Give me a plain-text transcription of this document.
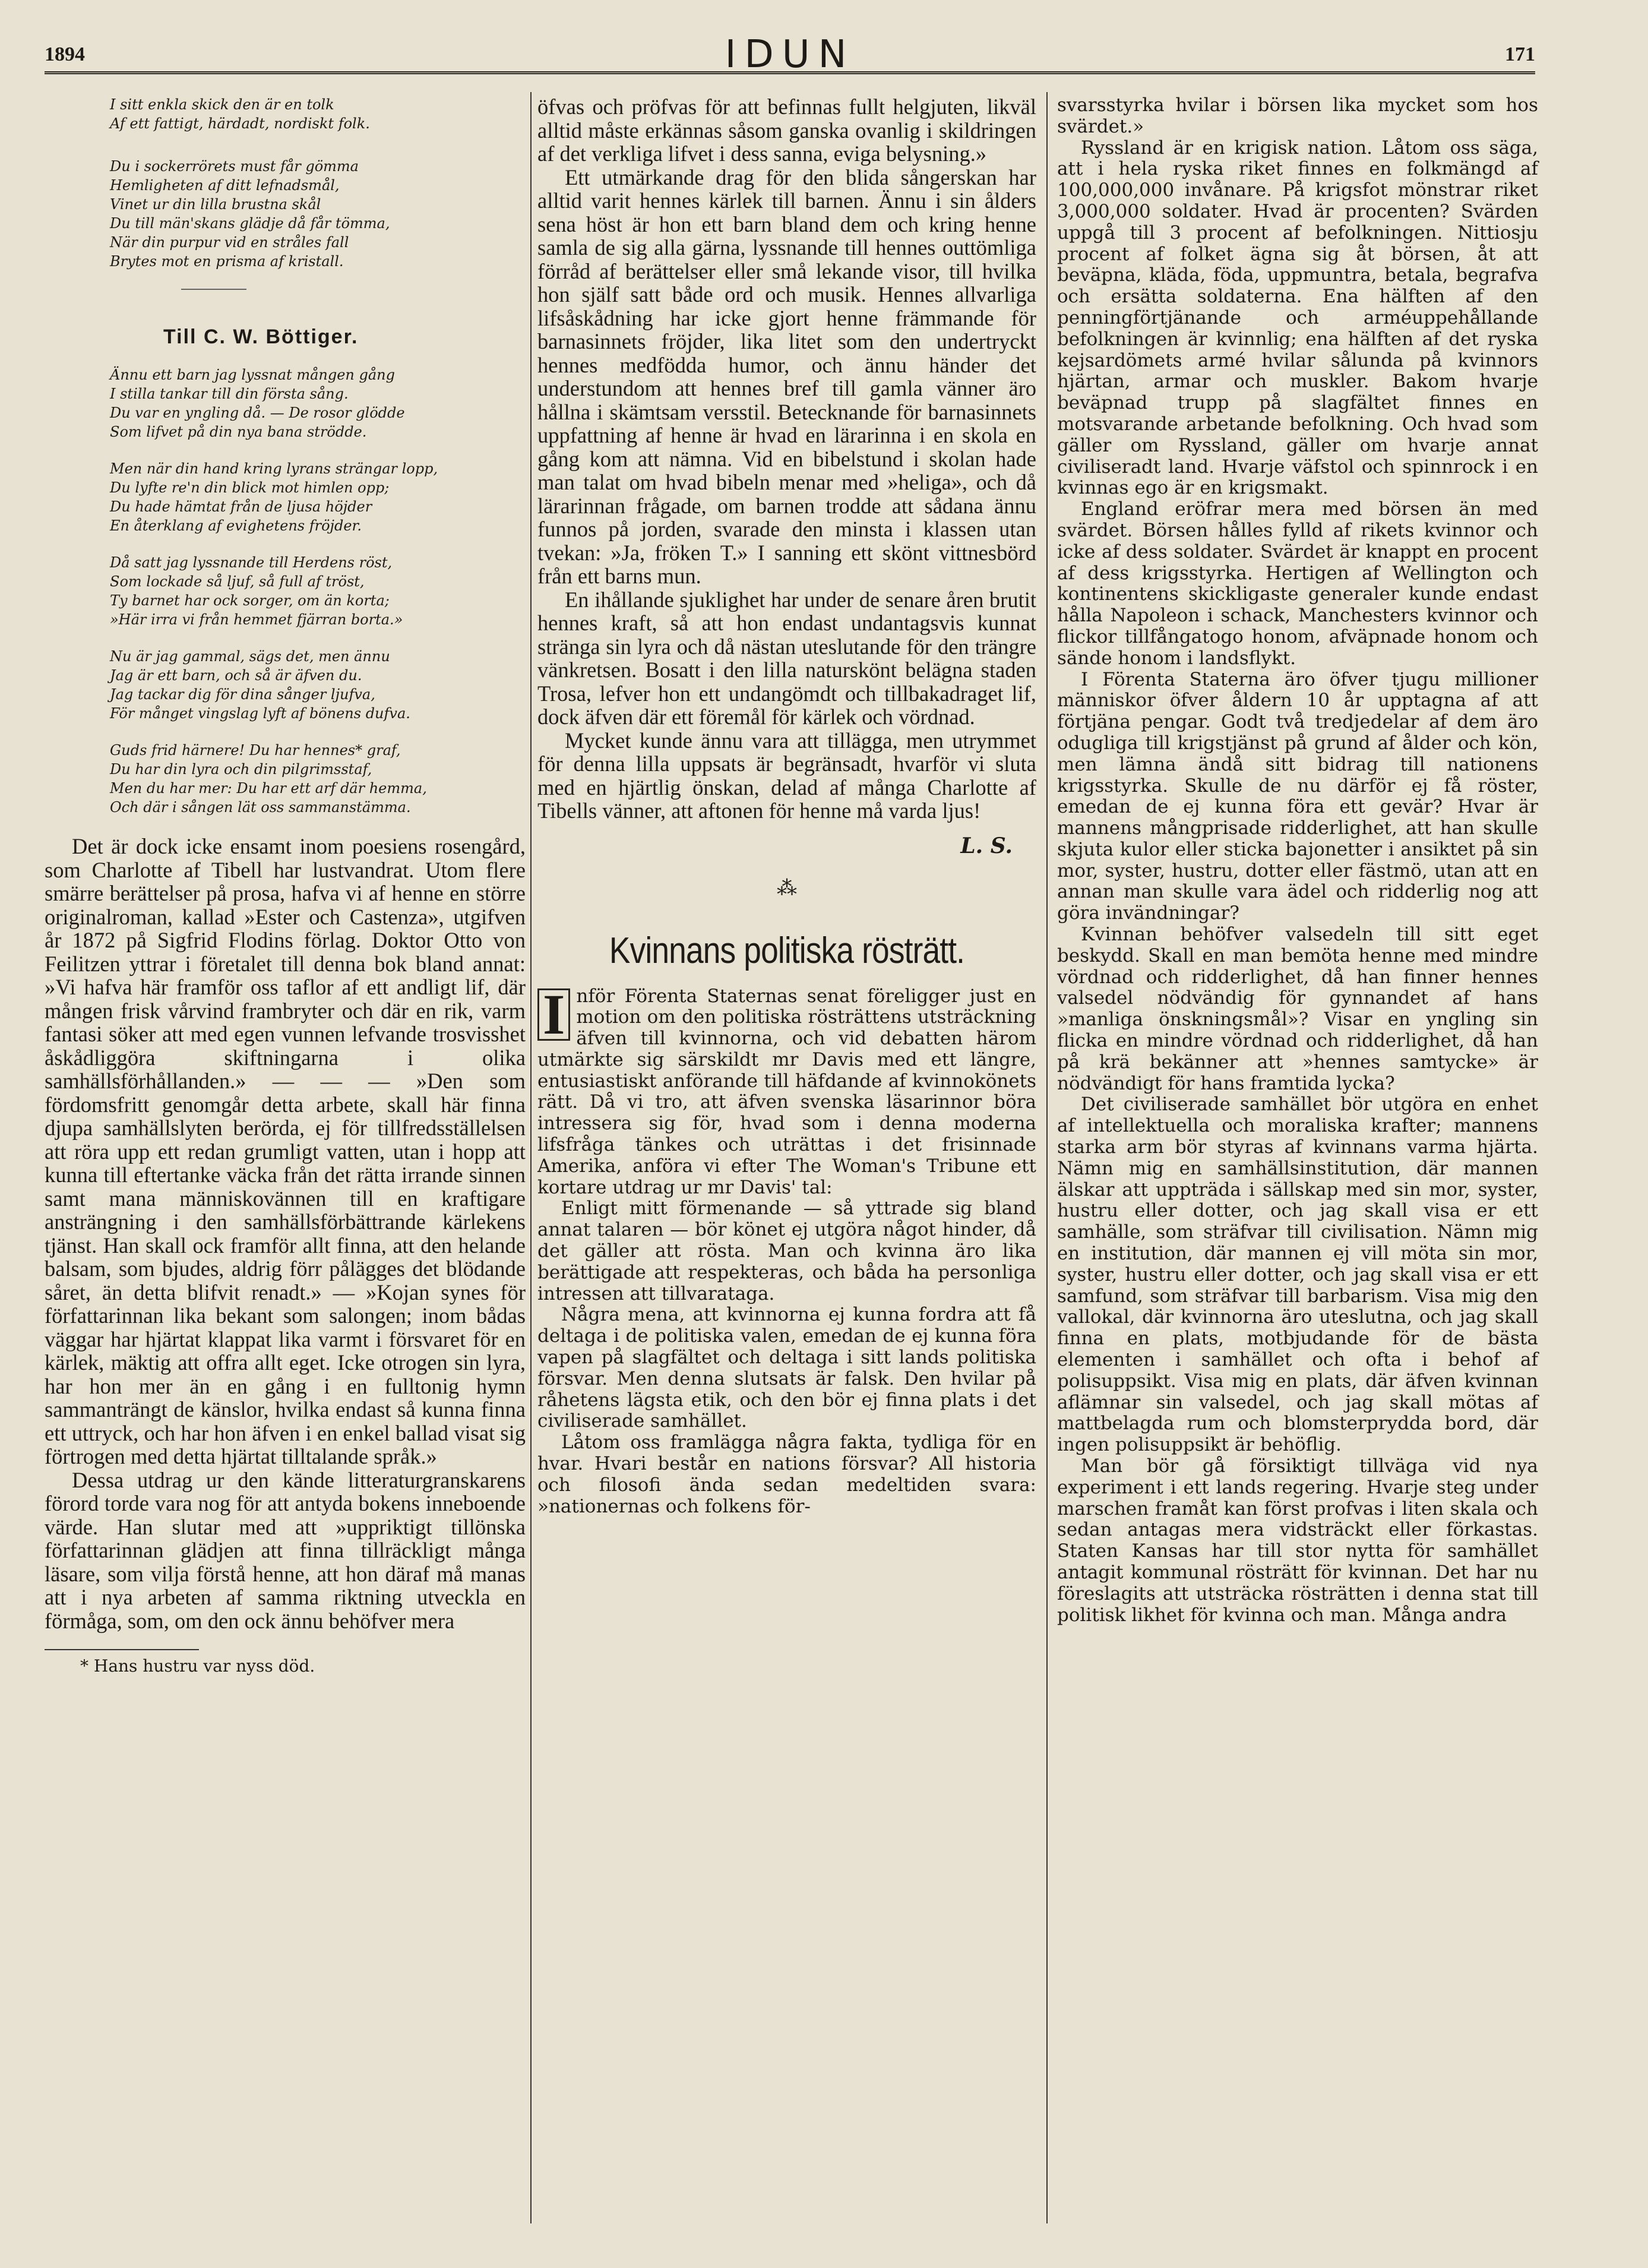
1894	IDUN	171
I sitt enkla skick den är en tolk
Af ett fattigt, härdadt, nordiskt folk.
Du i sockerrörets must får gömma
Hemligheten af ditt lefnadsmål,
Vinet ur din lilla brustna skål
Du till män'skans glädje då får tömma,
När din purpur vid en stråles fall
Brytes mot en prisma af kristall.
Till C. W. Böttiger.
Ännu ett barn jag lyssnat mången gång
I stilla tankar till din första sång.
Du var en yngling då. — De rosor glödde
Som lifvet på din nya bana strödde.
Men när din hand kring lyrans strängar lopp,
Du lyfte re'n din blick mot himlen opp;
Du hade hämtat från de ljusa höjder
En återklang af evighetens fröjder.
Då satt jag lyssnande till Herdens röst,
Som lockade så ljuf, så full af tröst,
Ty barnet har ock sorger, om än korta;
»Här irra vi från hemmet fjärran borta.»
Nu är jag gammal, sägs det, men ännu
Jag är ett barn, och så är äfven du.
Jag tackar dig för dina sånger ljufva,
För månget vingslag lyft af bönens dufva.
Guds frid härnere! Du har hennes* graf,
Du har din lyra och din pilgrimsstaf,
Men du har mer: Du har ett arf där hemma,
Och där i sången lät oss sammanstämma.

Det är dock icke ensamt inom poesiens rosengård, som Charlotte af Tibell har lustvandrat. Utom flere smärre berättelser på prosa, hafva vi af henne en större originalroman, kallad »Ester och Castenza», utgifven år 1872 på Sigfrid Flodins förlag. Doktor Otto von Feilitzen yttrar i företalet till denna bok bland annat: »Vi hafva här framför oss taflor af ett andligt lif, där mången frisk vårvind frambryter och där en rik, varm fantasi söker att med egen vunnen lefvande trosvisshet åskådliggöra skiftningarna i olika samhällsförhållanden.» — — — »Den som fördomsfritt genomgår detta arbete, skall här finna djupa samhällslyten berörda, ej för tillfredsställelsen att röra upp ett redan grumligt vatten, utan i hopp att kunna till eftertanke väcka från det rätta irrande sinnen samt mana människovännen till en kraftigare ansträngning i den samhällsförbättrande kärlekens tjänst. Han skall ock framför allt finna, att den helande balsam, som bjudes, aldrig förr pålägges det blödande såret, än detta blifvit renadt.» — »Kojan synes för författarinnan lika bekant som salongen; inom bådas väggar har hjärtat klappat lika varmt i försvaret för en kärlek, mäktig att offra allt eget. Icke otrogen sin lyra, har hon mer än en gång i en fulltonig hymn sammanträngt de känslor, hvilka endast så kunna finna ett uttryck, och har hon äfven i en enkel ballad visat sig förtrogen med detta hjärtat tilltalande språk.»

Dessa utdrag ur den kände litteraturgranskarens förord torde vara nog för att antyda bokens inneboende värde. Han slutar med att »uppriktigt tillönska författarinnan glädjen att finna tillräckligt många läsare, som vilja förstå henne, att hon däraf må manas att i nya arbeten af samma riktning utveckla en förmåga, som, om den ock ännu behöfver mera

* Hans hustru var nyss död.

öfvas och pröfvas för att befinnas fullt helgjuten, likväl alltid måste erkännas såsom ganska ovanlig i skildringen af det verkliga lifvet i dess sanna, eviga belysning.»

Ett utmärkande drag för den blida sångerskan har alltid varit hennes kärlek till barnen. Ännu i sin ålders sena höst är hon ett barn bland dem och kring henne samla de sig alla gärna, lyssnande till hennes outtömliga förråd af berättelser eller små lekande visor, till hvilka hon själf satt både ord och musik. Hennes allvarliga lifsåskådning har icke gjort henne främmande för barnasinnets fröjder, lika litet som den undertryckt hennes medfödda humor, och ännu händer det understundom att hennes bref till gamla vänner äro hållna i skämtsam versstil. Betecknande för barnasinnets uppfattning af henne är hvad en lärarinna i en skola en gång kom att nämna. Vid en bibelstund i skolan hade man talat om hvad bibeln menar med »heliga», och då lärarinnan frågade, om barnen trodde att sådana ännu funnos på jorden, svarade den minsta i klassen utan tvekan: »Ja, fröken T.» I sanning ett skönt vittnesbörd från ett barns mun.

En ihållande sjuklighet har under de senare åren brutit hennes kraft, så att hon endast undantagsvis kunnat stränga sin lyra och då nästan uteslutande för den trängre vänkretsen. Bosatt i den lilla naturskönt belägna staden Trosa, lefver hon ett undangömdt och tillbakadraget lif, dock äfven där ett föremål för kärlek och vördnad.

Mycket kunde ännu vara att tillägga, men utrymmet för denna lilla uppsats är begränsadt, hvarför vi sluta med en hjärtlig önskan, delad af många Charlotte af Tibells vänner, att aftonen för henne må varda ljus!

L. S.
⁂
Kvinnans politiska rösträtt.

I nför Förenta Staternas senat föreligger just en motion om den politiska rösträttens utsträckning äfven till kvinnorna, och vid debatten härom utmärkte sig särskildt mr Davis med ett längre, entusiastiskt anförande till häfdande af kvinnokönets rätt. Då vi tro, att äfven svenska läsarinnor böra intressera sig för, hvad som i denna moderna lifsfråga tänkes och uträttas i det frisinnade Amerika, anföra vi efter The Woman's Tribune ett kortare utdrag ur mr Davis' tal:

Enligt mitt förmenande — så yttrade sig bland annat talaren — bör könet ej utgöra något hinder, då det gäller att rösta. Man och kvinna äro lika berättigade att respekteras, och båda ha personliga intressen att tillvarataga.

Några mena, att kvinnorna ej kunna fordra att få deltaga i de politiska valen, emedan de ej kunna föra vapen på slagfältet och deltaga i sitt lands politiska försvar. Men denna slutsats är falsk. Den hvilar på råhetens lägsta etik, och den bör ej finna plats i det civiliserade samhället.

Låtom oss framlägga några fakta, tydliga för en hvar. Hvari består en nations försvar? All historia och filosofi ända sedan medeltiden svara: »nationernas och folkens för-

svarsstyrka hvilar i börsen lika mycket som hos svärdet.»

Ryssland är en krigisk nation. Låtom oss säga, att i hela ryska riket finnes en folkmängd af 100,000,000 invånare. På krigsfot mönstrar riket 3,000,000 soldater. Hvad är procenten? Svärden uppgå till 3 procent af befolkningen. Nittiosju procent af folket ägna sig åt börsen, åt att beväpna, kläda, föda, uppmuntra, betala, begrafva och ersätta soldaterna. Ena hälften af den penningförtjänande och arméuppehållande befolkningen är kvinnlig; ena hälften af det ryska kejsardömets armé hvilar sålunda på kvinnors hjärtan, armar och muskler. Bakom hvarje beväpnad trupp på slagfältet finnes en motsvarande arbetande befolkning. Och hvad som gäller om Ryssland, gäller om hvarje annat civiliseradt land. Hvarje väfstol och spinnrock i en kvinnas ego är en krigsmakt.

England eröfrar mera med börsen än med svärdet. Börsen hålles fylld af rikets kvinnor och icke af dess soldater. Svärdet är knappt en procent af dess krigsstyrka. Hertigen af Wellington och kontinentens skickligaste generaler kunde endast hålla Napoleon i schack, Manchesters kvinnor och flickor tillfångatogo honom, afväpnade honom och sände honom i landsflykt.

I Förenta Staterna äro öfver tjugu millioner människor öfver åldern 10 år upptagna af att förtjäna pengar. Godt två tredjedelar af dem äro odugliga till krigstjänst på grund af ålder och kön, men lämna ändå sitt bidrag till nationens krigsstyrka. Skulle de nu därför ej få röster, emedan de ej kunna föra ett gevär? Hvar är mannens mångprisade ridderlighet, att han skulle skjuta kulor eller sticka bajonetter i ansiktet på sin mor, syster, hustru, dotter eller fästmö, utan att en annan man skulle vara ädel och ridderlig nog att göra invändningar?

Kvinnan behöfver valsedeln till sitt eget beskydd. Skall en man bemöta henne med mindre vördnad och ridderlighet, då han finner hennes valsedel nödvändig för gynnandet af hans »manliga önskningsmål»? Visar en yngling sin flicka en mindre vördnad och ridderlighet, då han på krä bekänner att »hennes samtycke» är nödvändigt för hans framtida lycka?

Det civiliserade samhället bör utgöra en enhet af intellektuella och moraliska krafter; mannens starka arm bör styras af kvinnans varma hjärta. Nämn mig en samhällsinstitution, där mannen älskar att uppträda i sällskap med sin mor, syster, hustru eller dotter, och jag skall visa er ett samhälle, som sträfvar till civilisation. Nämn mig en institution, där mannen ej vill möta sin mor, syster, hustru eller dotter, och jag skall visa er ett samfund, som sträfvar till barbarism. Visa mig den vallokal, där kvinnorna äro uteslutna, och jag skall finna en plats, motbjudande för de bästa elementen i samhället och ofta i behof af polisuppsikt. Visa mig en plats, där äfven kvinnan aflämnar sin valsedel, och jag skall mötas af mattbelagda rum och blomsterprydda bord, där ingen polisuppsikt är behöflig.

Man bör gå försiktigt tillväga vid nya experiment i ett lands regering. Hvarje steg under marschen framåt kan först profvas i liten skala och sedan antagas mera vidsträckt eller förkastas. Staten Kansas har till stor nytta för samhället antagit kommunal rösträtt för kvinnan. Det har nu föreslagits att utsträcka rösträtten i denna stat till politisk likhet för kvinna och man. Många andra
